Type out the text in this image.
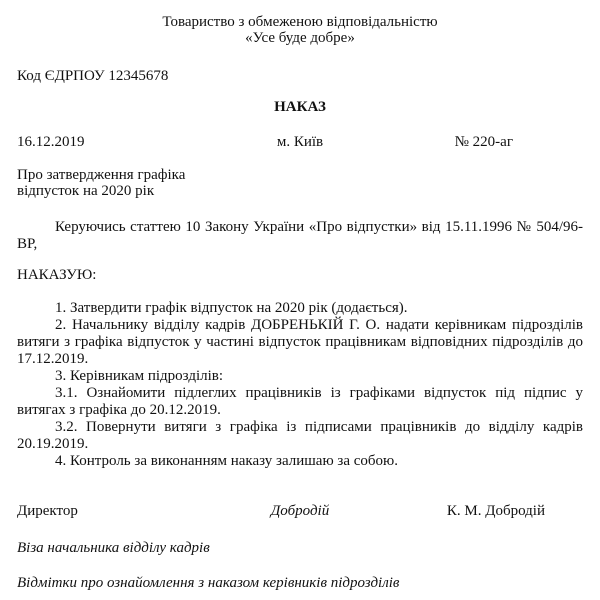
Товариство з обмеженою відповідальністю
«Усе буде добре»
Код ЄДРПОУ 12345678
НАКАЗ
16.12.2019	м. Київ	№ 220-аг
Про затвердження графіка
відпусток на 2020 рік

Керуючись статтею 10 Закону України «Про відпустки» від 15.11.1996 № 504/96-ВР,

НАКАЗУЮ:

1. Затвердити графік відпусток на 2020 рік (додається).

2. Начальнику відділу кадрів ДОБРЕНЬКІЙ Г. О. надати керівникам підрозділів витяги з графіка відпусток у частині відпусток працівникам відповідних підрозділів до 17.12.2019.

3. Керівникам підрозділів:

3.1. Ознайомити підлеглих працівників із графіками відпусток під підпис у витягах з графіка до 20.12.2019.

3.2. Повернути витяги з графіка із підписами працівників до відділу кадрів 20.19.2019.

4. Контроль за виконанням наказу залишаю за собою.

Директор	Добродій	К. М. Добродій
Віза начальника відділу кадрів
Відмітки про ознайомлення з наказом керівників підрозділів
